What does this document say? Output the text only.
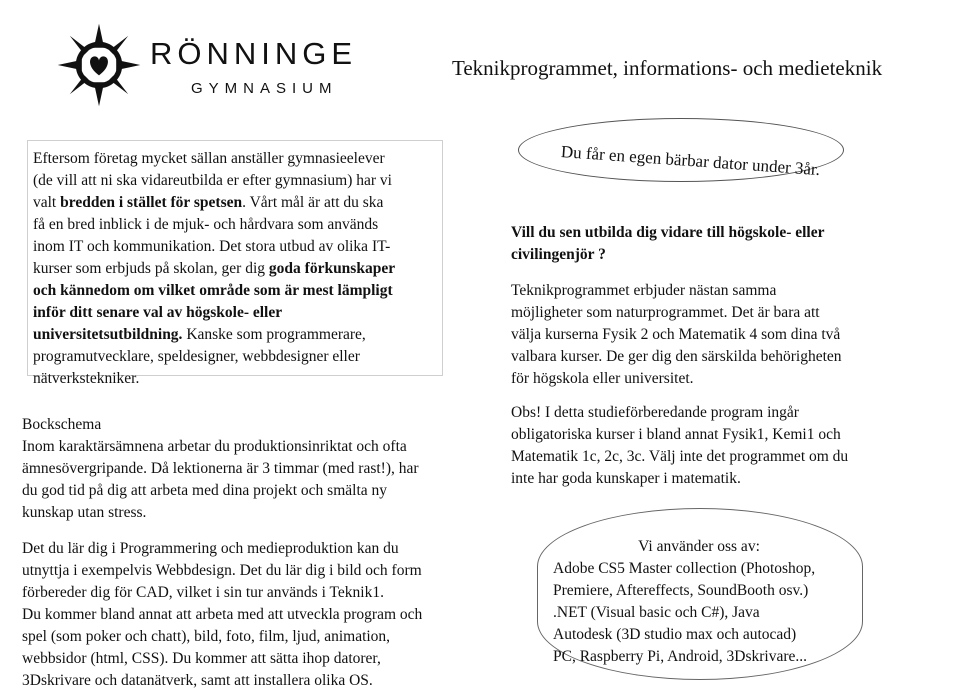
RÖNNINGE
GYMNASIUM
Teknikprogrammet, informations- och medieteknik
Eftersom företag mycket sällan anställer gymnasieelever
(de vill att ni ska vidareutbilda er efter gymnasium) har vi
valt bredden i stället för spetsen. Vårt mål är att du ska
få en bred inblick i de mjuk- och hårdvara som används
inom IT och kommunikation. Det stora utbud av olika IT-
kurser som erbjuds på skolan, ger dig goda förkunskaper
och kännedom om vilket område som är mest lämpligt
inför ditt senare val av högskole- eller
universitetsutbildning. Kanske som programmerare,
programutvecklare, speldesigner, webbdesigner eller
nätverkstekniker.
Bockschema
Inom karaktärsämnena arbetar du produktionsinriktat och ofta
ämnesövergripande. Då lektionerna är 3 timmar (med rast!), har
du god tid på dig att arbeta med dina projekt och smälta ny
kunskap utan stress.
Det du lär dig i Programmering och medieproduktion kan du
utnyttja i exempelvis Webbdesign. Det du lär dig i bild och form
förbereder dig för CAD, vilket i sin tur används i Teknik1.
Du kommer bland annat att arbeta med att utveckla program och
spel (som poker och chatt), bild, foto, film, ljud, animation,
webbsidor (html, CSS). Du kommer att sätta ihop datorer,
3Dskrivare och datanätverk, samt att installera olika OS.
Du får en egen bärbar dator under 3år.
Vill du sen utbilda dig vidare till högskole- eller
civilingenjör ?
Teknikprogrammet erbjuder nästan samma
möjligheter som naturprogrammet. Det är bara att
välja kurserna Fysik 2 och Matematik 4 som dina två
valbara kurser. De ger dig den särskilda behörigheten
för högskola eller universitet.
Obs! I detta studieförberedande program ingår
obligatoriska kurser i bland annat Fysik1, Kemi1 och
Matematik 1c, 2c, 3c. Välj inte det programmet om du
inte har goda kunskaper i matematik.
Vi använder oss av:
Adobe CS5 Master collection (Photoshop,
Premiere, Aftereffects, SoundBooth osv.)
.NET (Visual basic och C#), Java
Autodesk (3D studio max och autocad)
PC, Raspberry Pi, Android, 3Dskrivare...
